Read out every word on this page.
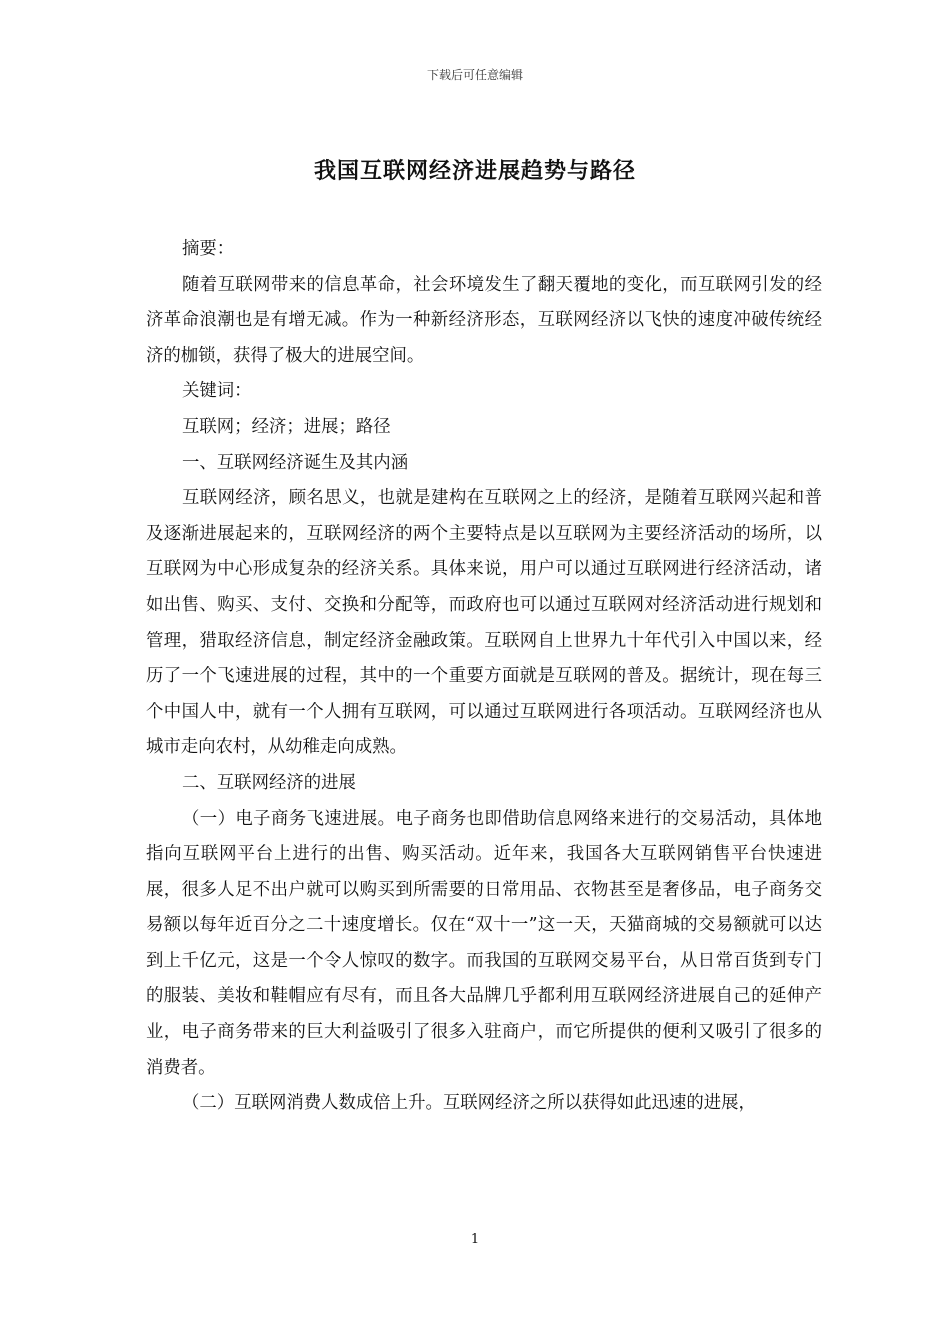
下载后可任意编辑
我国互联网经济进展趋势与路径

摘要：

随着互联网带来的信息革命，社会环境发生了翻天覆地的变化，而互联网引发的经济革命浪潮也是有增无减。作为一种新经济形态，互联网经济以飞快的速度冲破传统经济的枷锁，获得了极大的进展空间。

关键词：

互联网；经济；进展；路径

一、互联网经济诞生及其内涵

互联网经济，顾名思义，也就是建构在互联网之上的经济，是随着互联网兴起和普及逐渐进展起来的，互联网经济的两个主要特点是以互联网为主要经济活动的场所，以互联网为中心形成复杂的经济关系。具体来说，用户可以通过互联网进行经济活动，诸如出售、购买、支付、交换和分配等，而政府也可以通过互联网对经济活动进行规划和管理，猎取经济信息，制定经济金融政策。互联网自上世界九十年代引入中国以来，经历了一个飞速进展的过程，其中的一个重要方面就是互联网的普及。据统计，现在每三个中国人中，就有一个人拥有互联网，可以通过互联网进行各项活动。互联网经济也从城市走向农村，从幼稚走向成熟。

二、互联网经济的进展

（一）电子商务飞速进展。电子商务也即借助信息网络来进行的交易活动，具体地指向互联网平台上进行的出售、购买活动。近年来，我国各大互联网销售平台快速进展，很多人足不出户就可以购买到所需要的日常用品、衣物甚至是奢侈品，电子商务交易额以每年近百分之二十速度增长。仅在“双十一”这一天，天猫商城的交易额就可以达到上千亿元，这是一个令人惊叹的数字。而我国的互联网交易平台，从日常百货到专门的服装、美妆和鞋帽应有尽有，而且各大品牌几乎都利用互联网经济进展自己的延伸产业，电子商务带来的巨大利益吸引了很多入驻商户，而它所提供的便利又吸引了很多的消费者。

（二）互联网消费人数成倍上升。互联网经济之所以获得如此迅速的进展，

1
